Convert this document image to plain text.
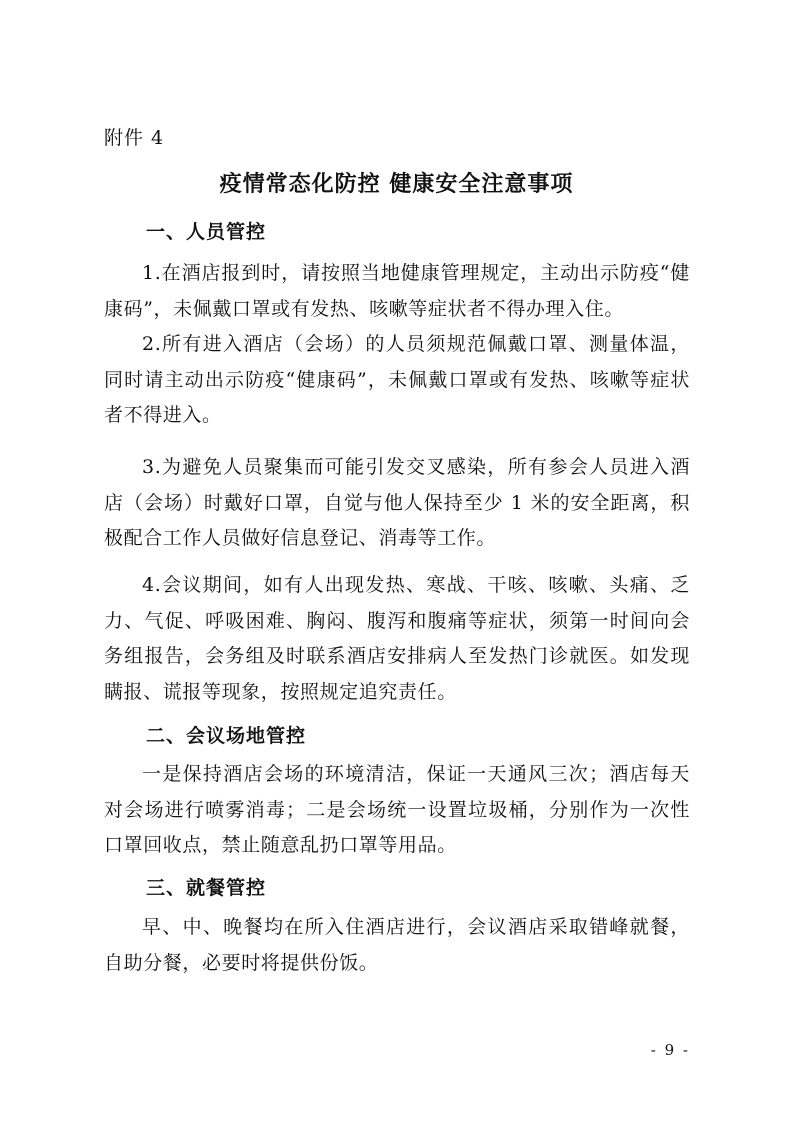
附件 4
疫情常态化防控 健康安全注意事项
一、人员管控

1.在酒店报到时，请按照当地健康管理规定，主动出示防疫“健康码”，未佩戴口罩或有发热、咳嗽等症状者不得办理入住。

2.所有进入酒店（会场）的人员须规范佩戴口罩、测量体温，同时请主动出示防疫“健康码”，未佩戴口罩或有发热、咳嗽等症状者不得进入。

3.为避免人员聚集而可能引发交叉感染，所有参会人员进入酒店（会场）时戴好口罩，自觉与他人保持至少 1 米的安全距离，积极配合工作人员做好信息登记、消毒等工作。

4.会议期间，如有人出现发热、寒战、干咳、咳嗽、头痛、乏力、气促、呼吸困难、胸闷、腹泻和腹痛等症状，须第一时间向会务组报告，会务组及时联系酒店安排病人至发热门诊就医。如发现瞒报、谎报等现象，按照规定追究责任。

二、会议场地管控

一是保持酒店会场的环境清洁，保证一天通风三次；酒店每天对会场进行喷雾消毒；二是会场统一设置垃圾桶，分别作为一次性口罩回收点，禁止随意乱扔口罩等用品。

三、就餐管控

早、中、晚餐均在所入住酒店进行，会议酒店采取错峰就餐，自助分餐，必要时将提供份饭。

- 9 -
